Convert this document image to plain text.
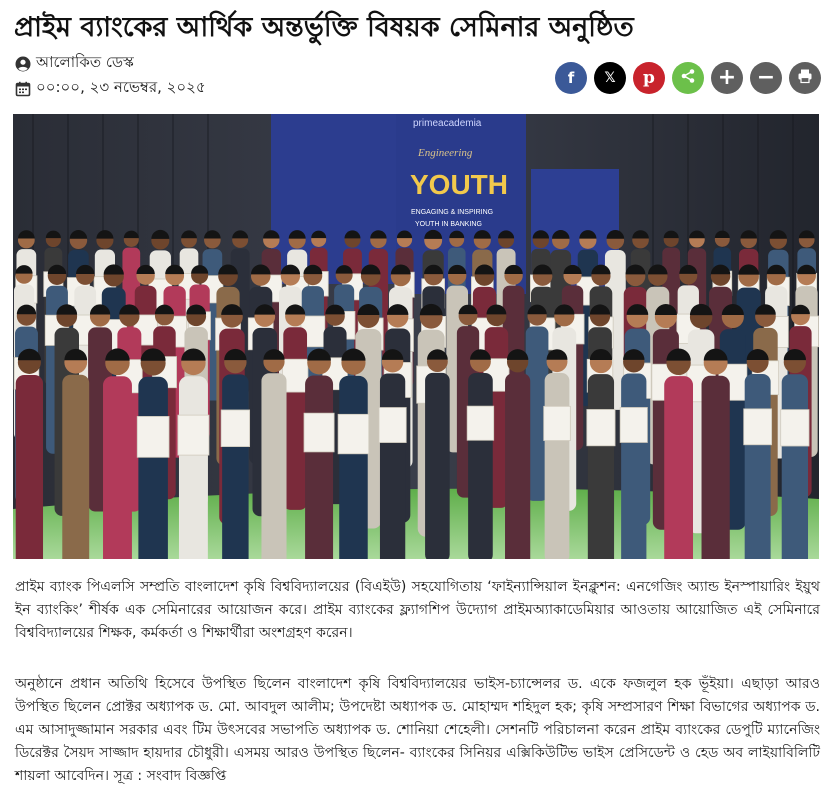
প্রাইম ব্যাংকের আর্থিক অন্তর্ভুক্তি বিষয়ক সেমিনার অনুষ্ঠিত
আলোকিত ডেস্ক
০০:০০, ২৩ নভেম্বর, ২০২৫	f 𝕏 p	+ −
primeacademia
Engineering
YOUTH
ENGAGING & INSPIRING
YOUTH IN BANKING

প্রাইম ব্যাংক পিএলসি সম্প্রতি বাংলাদেশ কৃষি বিশ্ববিদ্যালয়ের (বিএইউ) সহযোগিতায় ‘ফাইন্যান্সিয়াল ইনক্লুশন: এনগেজিং অ্যান্ড ইনস্পায়ারিং ইয়ুথ ইন ব্যাংকিং’ শীর্ষক এক সেমিনারের আয়োজন করে। প্রাইম ব্যাংকের ফ্ল্যাগশিপ উদ্যোগ প্রাইমঅ্যাকাডেমিয়ার আওতায় আয়োজিত এই সেমিনারে বিশ্ববিদ্যালয়ের শিক্ষক, কর্মকর্তা ও শিক্ষার্থীরা অংশগ্রহণ করেন।

অনুষ্ঠানে প্রধান অতিথি হিসেবে উপস্থিত ছিলেন বাংলাদেশ কৃষি বিশ্ববিদ্যালয়ের ভাইস-চ্যান্সেলর ড. একে ফজলুল হক ভূঁইয়া। এছাড়া আরও উপস্থিত ছিলেন প্রোক্টর অধ্যাপক ড. মো. আবদুল আলীম; উপদেষ্টা অধ্যাপক ড. মোহাম্মদ শহিদুল হক; কৃষি সম্প্রসারণ শিক্ষা বিভাগের অধ্যাপক ড. এম আসাদুজ্জামান সরকার এবং টিম উৎসবের সভাপতি অধ্যাপক ড. শোনিয়া শেহেলী। সেশনটি পরিচালনা করেন প্রাইম ব্যাংকের ডেপুটি ম্যানেজিং ডিরেক্টর সৈয়দ সাজ্জাদ হায়দার চৌধুরী। এসময় আরও উপস্থিত ছিলেন- ব্যাংকের সিনিয়র এক্সিকিউটিভ ভাইস প্রেসিডেন্ট ও হেড অব লাইয়াবিলিটি শায়লা আবেদিন। সূত্র : সংবাদ বিজ্ঞপ্তি
